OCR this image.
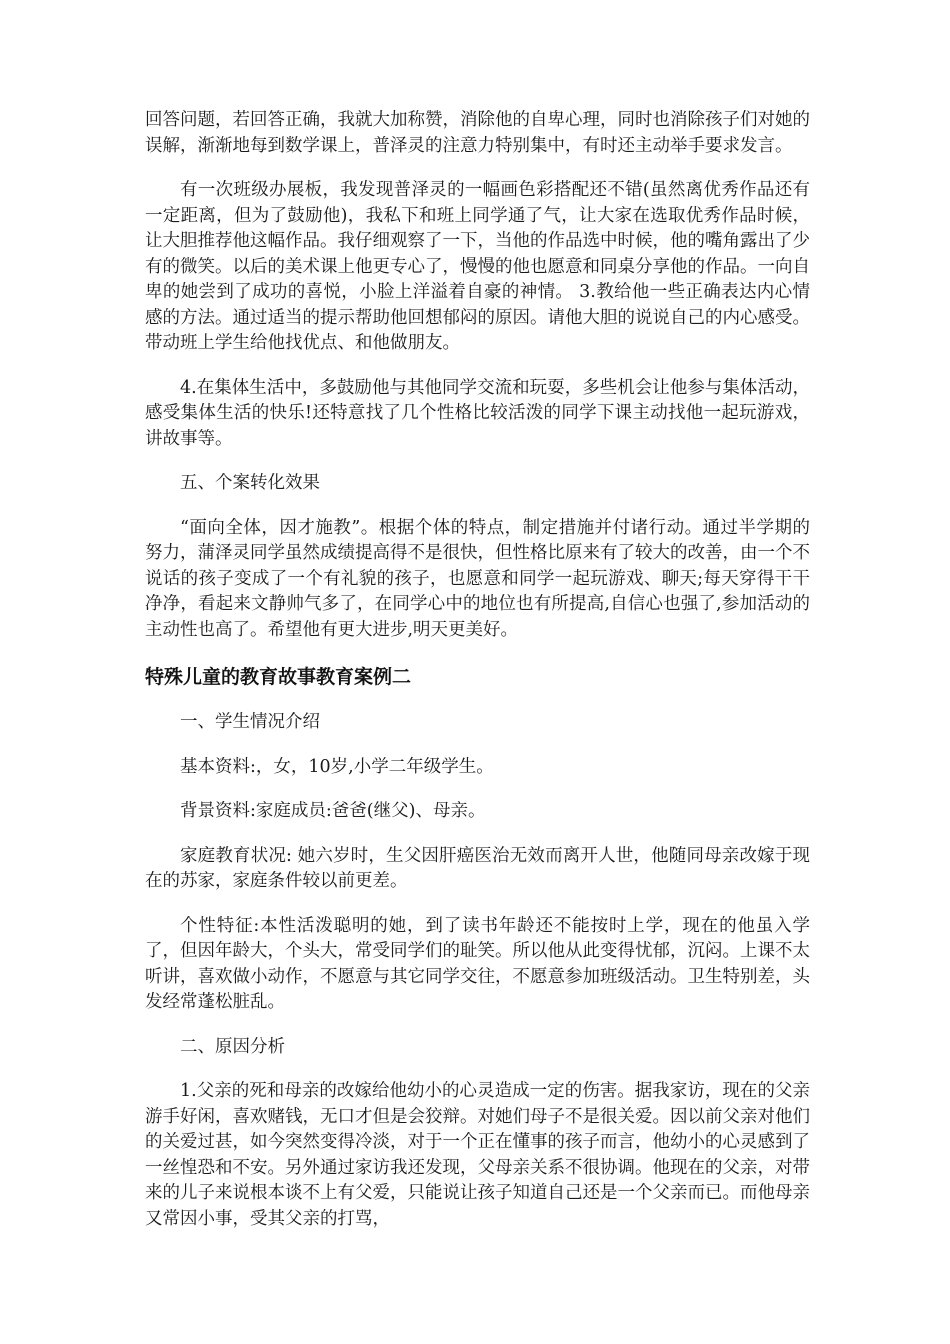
回答问题，若回答正确，我就大加称赞，消除他的自卑心理，同时也消除孩子们对她的误解，渐渐地每到数学课上，普泽灵的注意力特别集中，有时还主动举手要求发言。

有一次班级办展板，我发现普泽灵的一幅画色彩搭配还不错(虽然离优秀作品还有一定距离，但为了鼓励他)，我私下和班上同学通了气，让大家在选取优秀作品时候，让大胆推荐他这幅作品。我仔细观察了一下，当他的作品选中时候，他的嘴角露出了少有的微笑。以后的美术课上他更专心了，慢慢的他也愿意和同桌分享他的作品。一向自卑的她尝到了成功的喜悦，小脸上洋溢着自豪的神情。 3.教给他一些正确表达内心情感的方法。通过适当的提示帮助他回想郁闷的原因。请他大胆的说说自己的内心感受。带动班上学生给他找优点、和他做朋友。

4.在集体生活中，多鼓励他与其他同学交流和玩耍，多些机会让他参与集体活动，感受集体生活的快乐!还特意找了几个性格比较活泼的同学下课主动找他一起玩游戏，讲故事等。

五、个案转化效果

“面向全体，因才施教”。根据个体的特点，制定措施并付诸行动。通过半学期的努力，蒲泽灵同学虽然成绩提高得不是很快，但性格比原来有了较大的改善，由一个不说话的孩子变成了一个有礼貌的孩子，也愿意和同学一起玩游戏、聊天;每天穿得干干净净，看起来文静帅气多了，在同学心中的地位也有所提高,自信心也强了,参加活动的主动性也高了。希望他有更大进步,明天更美好。

特殊儿童的教育故事教育案例二

一、学生情况介绍

基本资料:，女，10岁,小学二年级学生。

背景资料:家庭成员:爸爸(继父)、母亲。

家庭教育状况: 她六岁时，生父因肝癌医治无效而离开人世，他随同母亲改嫁于现在的苏家，家庭条件较以前更差。

个性特征:本性活泼聪明的她，到了读书年龄还不能按时上学，现在的他虽入学了，但因年龄大，个头大，常受同学们的耻笑。所以他从此变得忧郁，沉闷。上课不太听讲，喜欢做小动作，不愿意与其它同学交往，不愿意参加班级活动。卫生特别差，头发经常蓬松脏乱。

二、原因分析

1.父亲的死和母亲的改嫁给他幼小的心灵造成一定的伤害。据我家访，现在的父亲游手好闲，喜欢赌钱，无口才但是会狡辩。对她们母子不是很关爱。因以前父亲对他们的关爱过甚，如今突然变得冷淡，对于一个正在懂事的孩子而言，他幼小的心灵感到了一丝惶恐和不安。另外通过家访我还发现，父母亲关系不很协调。他现在的父亲，对带来的儿子来说根本谈不上有父爱，只能说让孩子知道自己还是一个父亲而已。而他母亲又常因小事，受其父亲的打骂，
